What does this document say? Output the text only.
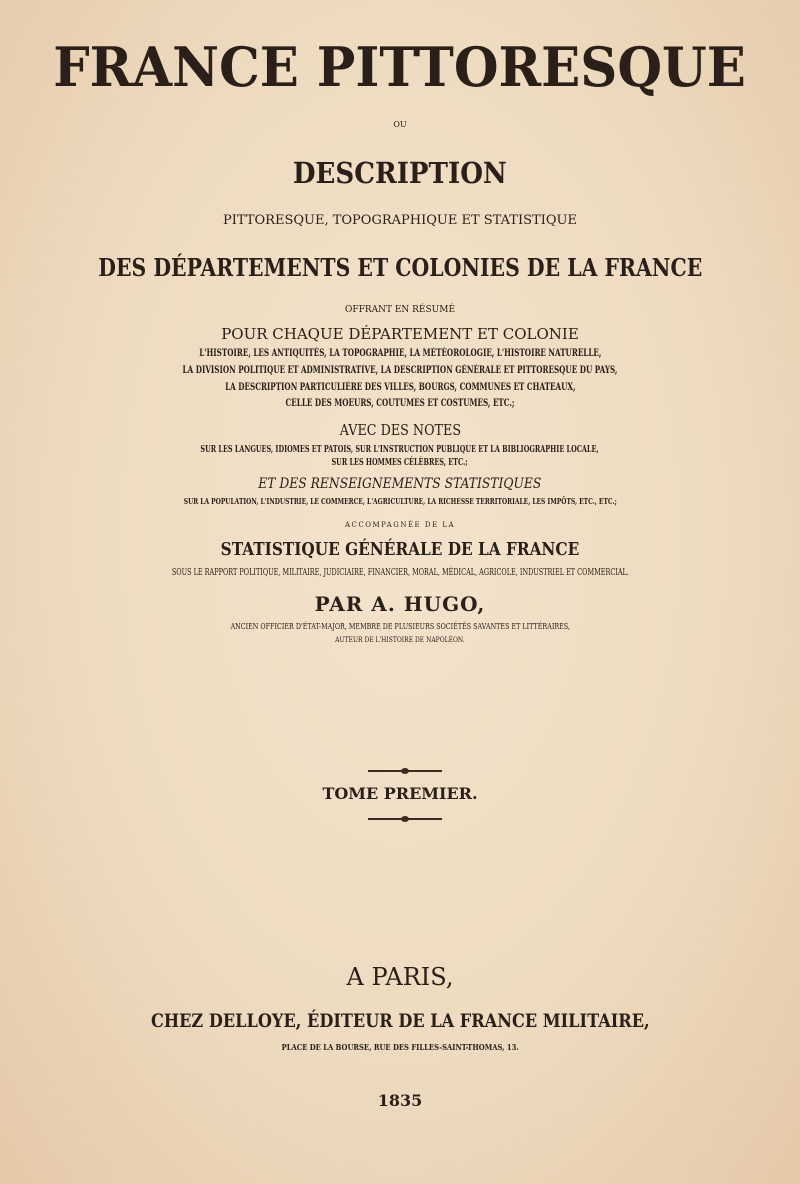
FRANCE PITTORESQUE
OU
DESCRIPTION
PITTORESQUE, TOPOGRAPHIQUE ET STATISTIQUE
DES DÉPARTEMENTS ET COLONIES DE LA FRANCE
OFFRANT EN RÉSUMÉ
POUR CHAQUE DÉPARTEMENT ET COLONIE
L'HISTOIRE, LES ANTIQUITÉS, LA TOPOGRAPHIE, LA MÉTÉOROLOGIE, L'HISTOIRE NATURELLE,
LA DIVISION POLITIQUE ET ADMINISTRATIVE, LA DESCRIPTION GÉNÉRALE ET PITTORESQUE DU PAYS,
LA DESCRIPTION PARTICULIÈRE DES VILLES, BOURGS, COMMUNES ET CHATEAUX,
CELLE DES MOEURS, COUTUMES ET COSTUMES, ETC.;
AVEC DES NOTES
SUR LES LANGUES, IDIOMES ET PATOIS, SUR L'INSTRUCTION PUBLIQUE ET LA BIBLIOGRAPHIE LOCALE,
SUR LES HOMMES CÉLÈBRES, ETC.;
ET DES RENSEIGNEMENTS STATISTIQUES
SUR LA POPULATION, L'INDUSTRIE, LE COMMERCE, L'AGRICULTURE, LA RICHESSE TERRITORIALE, LES IMPÔTS, ETC., ETC.;
ACCOMPAGNÉE DE LA
STATISTIQUE GÉNÉRALE DE LA FRANCE
SOUS LE RAPPORT POLITIQUE, MILITAIRE, JUDICIAIRE, FINANCIER, MORAL, MÉDICAL, AGRICOLE, INDUSTRIEL ET COMMERCIAL.
PAR A. HUGO,
ANCIEN OFFICIER D'ÉTAT-MAJOR, MEMBRE DE PLUSIEURS SOCIÉTÉS SAVANTES ET LITTÉRAIRES,
AUTEUR DE L'HISTOIRE DE NAPOLÉON.
TOME PREMIER.
A PARIS,
CHEZ DELLOYE, ÉDITEUR DE LA FRANCE MILITAIRE,
PLACE DE LA BOURSE, RUE DES FILLES-SAINT-THOMAS, 13.
1835
